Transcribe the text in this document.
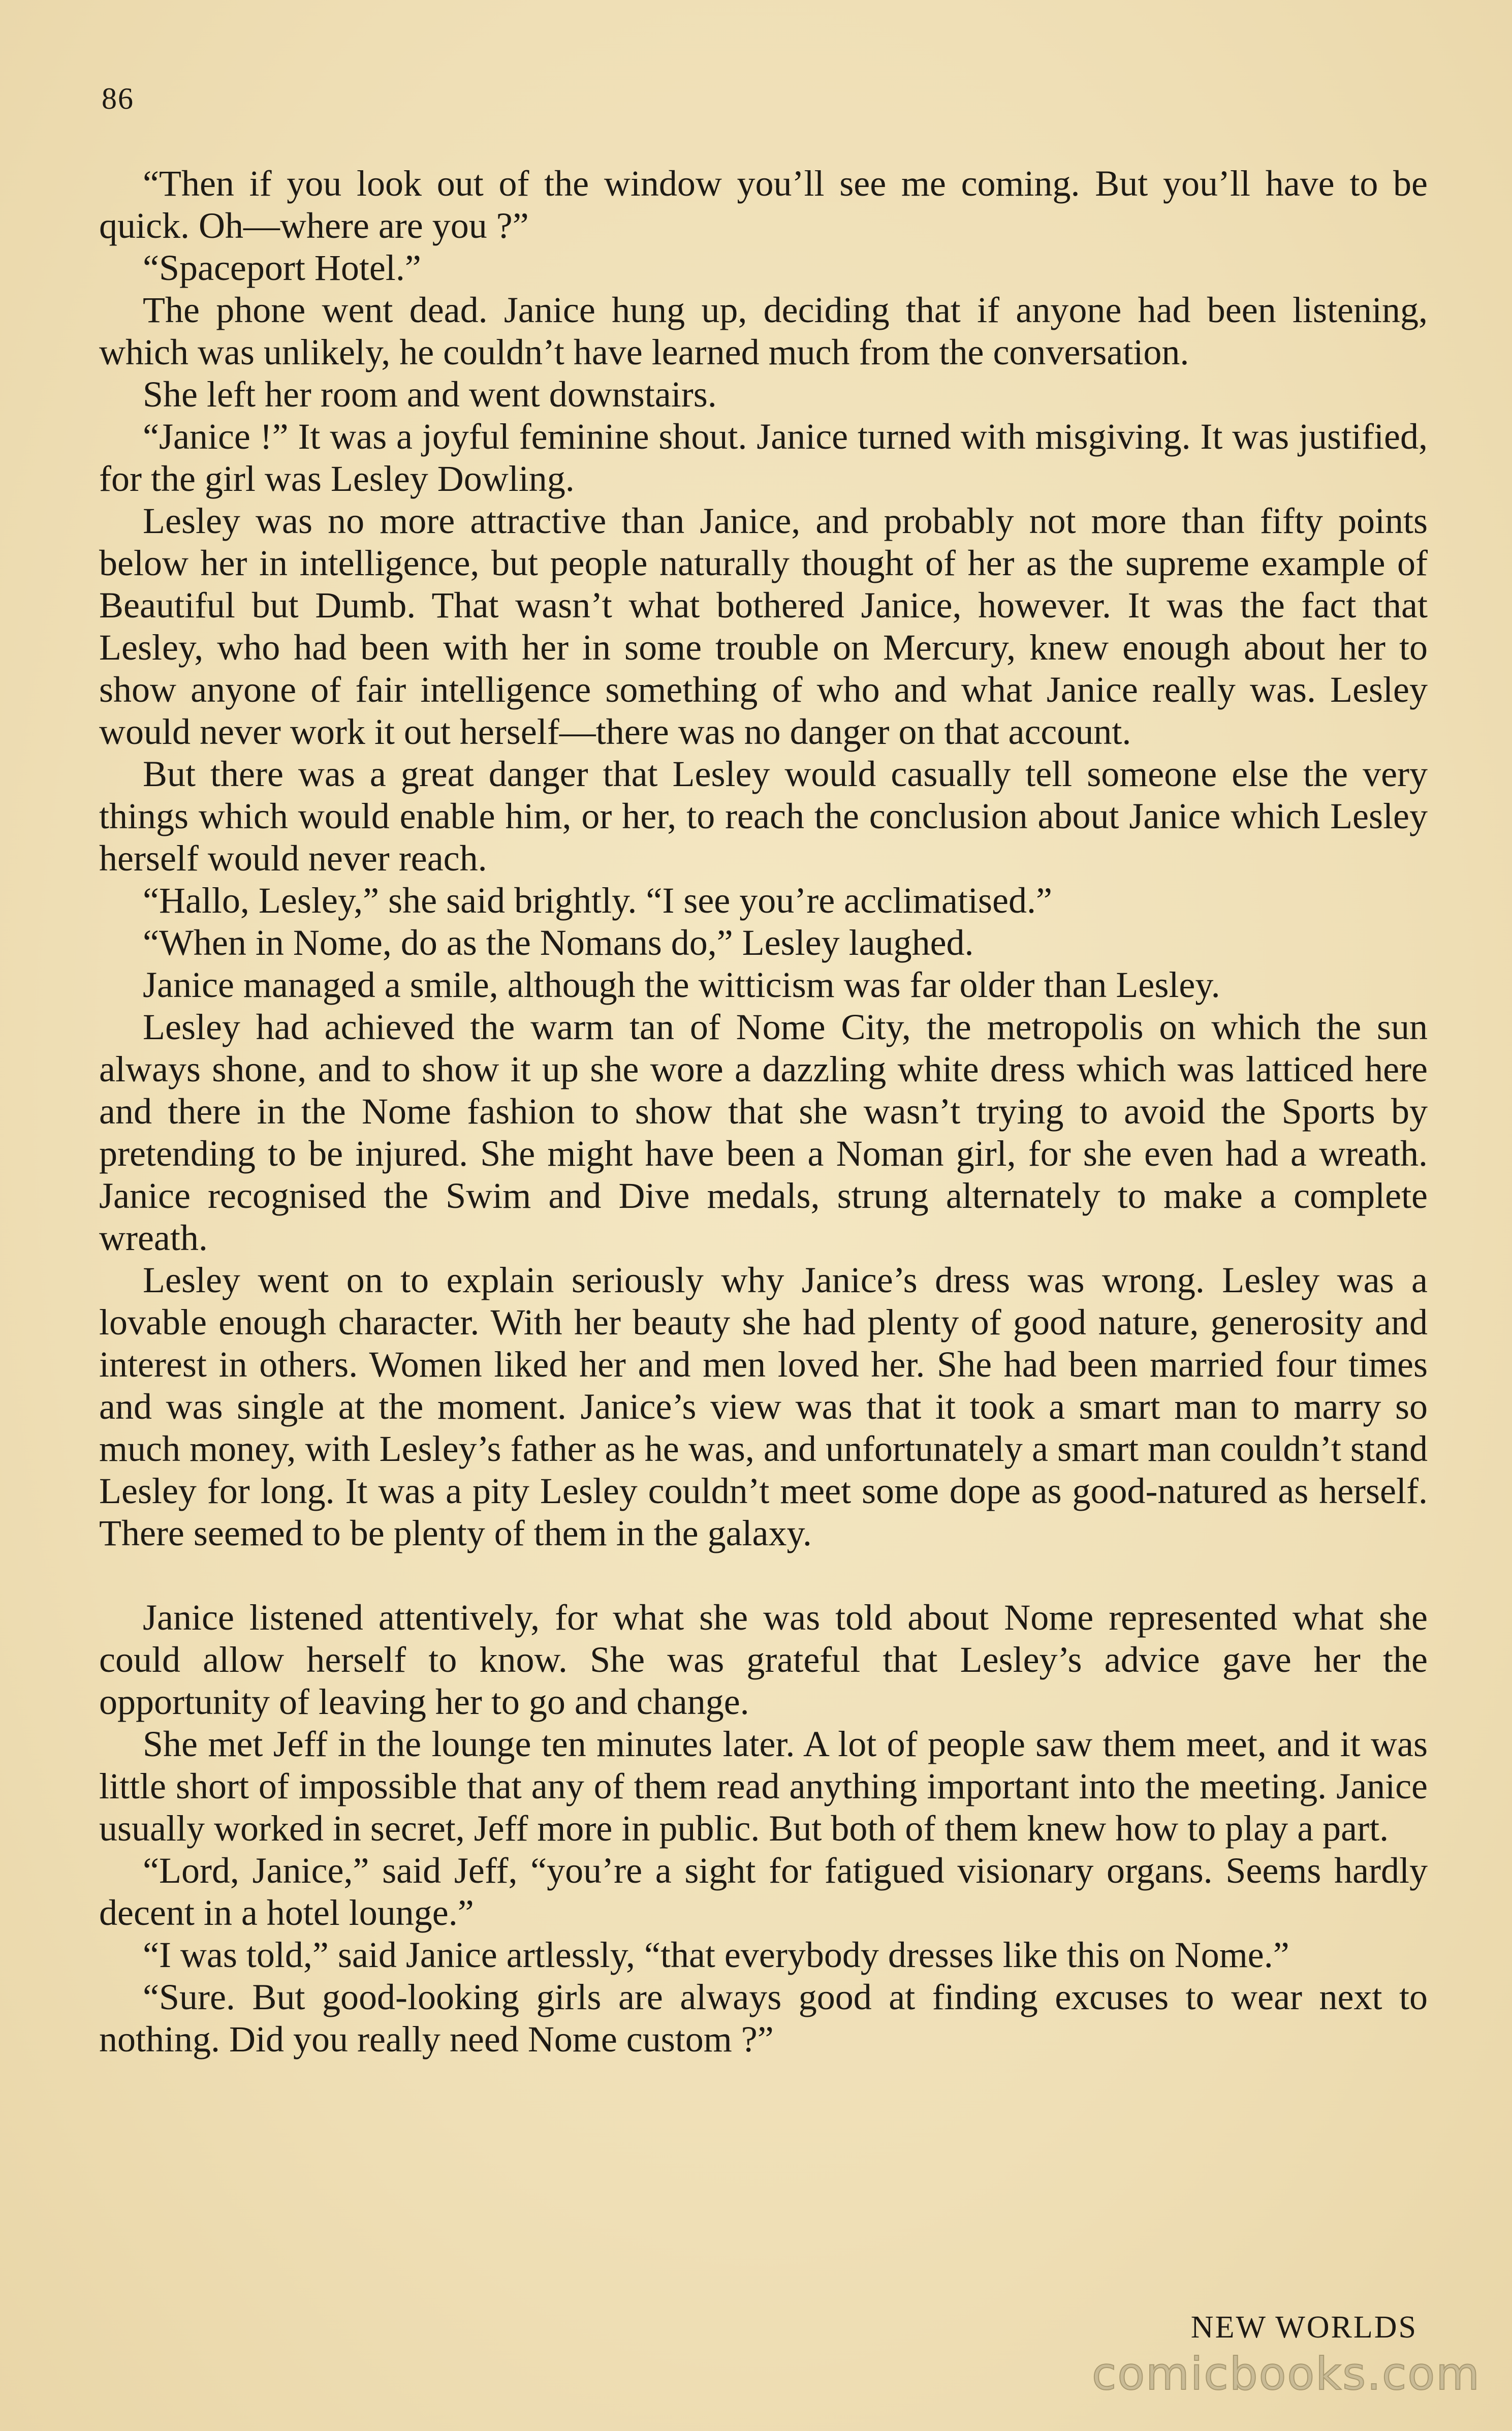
86

“Then if you look out of the window you’ll see me coming. But you’ll have to be quick. Oh—where are you ?”

“Spaceport Hotel.”

The phone went dead. Janice hung up, deciding that if anyone had been listening, which was unlikely, he couldn’t have learned much from the conversation.

She left her room and went downstairs.

“Janice !” It was a joyful feminine shout. Janice turned with misgiving. It was justified, for the girl was Lesley Dowling.

Lesley was no more attractive than Janice, and probably not more than fifty points below her in intelligence, but people naturally thought of her as the supreme example of Beautiful but Dumb. That wasn’t what bothered Janice, however. It was the fact that Lesley, who had been with her in some trouble on Mercury, knew enough about her to show anyone of fair intelligence something of who and what Janice really was. Lesley would never work it out herself—there was no danger on that account.

But there was a great danger that Lesley would casually tell someone else the very things which would enable him, or her, to reach the conclusion about Janice which Lesley herself would never reach.

“Hallo, Lesley,” she said brightly. “I see you’re acclimatised.”

“When in Nome, do as the Nomans do,” Lesley laughed.

Janice managed a smile, although the witticism was far older than Lesley.

Lesley had achieved the warm tan of Nome City, the metropolis on which the sun always shone, and to show it up she wore a dazzling white dress which was latticed here and there in the Nome fashion to show that she wasn’t trying to avoid the Sports by pretending to be injured. She might have been a Noman girl, for she even had a wreath. Janice recognised the Swim and Dive medals, strung alternately to make a complete wreath.

Lesley went on to explain seriously why Janice’s dress was wrong. Lesley was a lovable enough character. With her beauty she had plenty of good nature, generosity and interest in others. Women liked her and men loved her. She had been married four times and was single at the moment. Janice’s view was that it took a smart man to marry so much money, with Lesley’s father as he was, and unfortunately a smart man couldn’t stand Lesley for long. It was a pity Lesley couldn’t meet some dope as good-natured as herself. There seemed to be plenty of them in the galaxy.

Janice listened attentively, for what she was told about Nome represented what she could allow herself to know. She was grateful that Lesley’s advice gave her the opportunity of leaving her to go and change.

She met Jeff in the lounge ten minutes later. A lot of people saw them meet, and it was little short of impossible that any of them read anything important into the meeting. Janice usually worked in secret, Jeff more in public. But both of them knew how to play a part.

“Lord, Janice,” said Jeff, “you’re a sight for fatigued visionary organs. Seems hardly decent in a hotel lounge.”

“I was told,” said Janice artlessly, “that everybody dresses like this on Nome.”

“Sure. But good-looking girls are always good at finding excuses to wear next to nothing. Did you really need Nome custom ?”

NEW WORLDS
comicbooks.com
